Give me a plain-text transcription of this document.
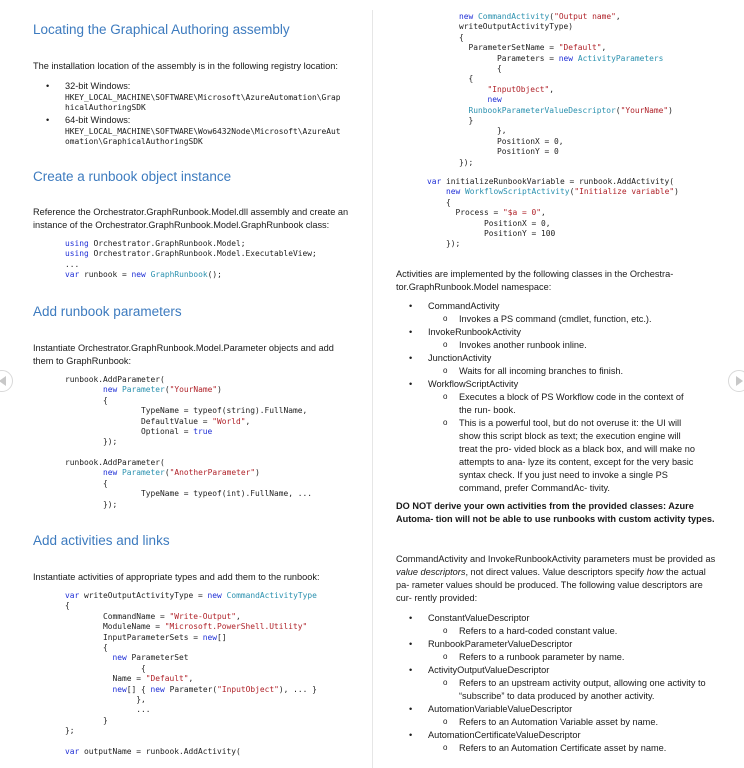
Locating the Graphical Authoring assembly
The installation location of the assembly is in the following registry location:
• 32-bit Windows:
HKEY_LOCAL_MACHINE\SOFTWARE\Microsoft\AzureAutomation\Grap
hicalAuthoringSDK
• 64-bit Windows:
HKEY_LOCAL_MACHINE\SOFTWARE\Wow6432Node\Microsoft\AzureAut
omation\GraphicalAuthoringSDK
Create a runbook object instance
Reference the Orchestrator.GraphRunbook.Model.dll assembly and create an instance of the Orchestrator.GraphRunbook.Model.GraphRunbook class:
using Orchestrator.GraphRunbook.Model;
using Orchestrator.GraphRunbook.Model.ExecutableView;
...
var runbook = new GraphRunbook();
Add runbook parameters
Instantiate Orchestrator.GraphRunbook.Model.Parameter objects and add them to GraphRunbook:
runbook.AddParameter(
new Parameter("YourName")
{
TypeName = typeof(string).FullName,
DefaultValue = "World",
Optional = true
});
runbook.AddParameter(
new Parameter("AnotherParameter")
{
TypeName = typeof(int).FullName, ...
});
Add activities and links
Instantiate activities of appropriate types and add them to the runbook:
var writeOutputActivityType = new CommandActivityType
{
CommandName = "Write-Output",
ModuleName = "Microsoft.PowerShell.Utility"
InputParameterSets = new[]
{
new ParameterSet
{
Name = "Default",
new[] { new Parameter("InputObject"), ... }
},
...
}
};

var outputName = runbook.AddActivity(
new CommandActivity("Output name",
writeOutputActivityType)
{
ParameterSetName = "Default",
Parameters = new ActivityParameters
{
{
"InputObject",
new
RunbookParameterValueDescriptor("YourName")
}
},
PositionX = 0,
PositionY = 0
});
var initializeRunbookVariable = runbook.AddActivity(
new WorkflowScriptActivity("Initialize variable")
{
Process = "$a = 0",
PositionX = 0,
PositionY = 100
});
Activities are implemented by the following classes in the Orchestra- tor.GraphRunbook.Model namespace:
• CommandActivity
o Invokes a PS command (cmdlet, function, etc.).
• InvokeRunbookActivity
o Invokes another runbook inline.
• JunctionActivity
o Waits for all incoming branches to finish.
• WorkflowScriptActivity
o Executes a block of PS Workflow code in the context of the run- book.
o This is a powerful tool, but do not overuse it: the UI will show this script block as text; the execution engine will treat the pro- vided block as a black box, and will make no attempts to ana- lyze its content, except for the very basic syntax check. If you just need to invoke a single PS command, prefer CommandAc- tivity.
DO NOT derive your own activities from the provided classes: Azure Automa- tion will not be able to use runbooks with custom activity types.
CommandActivity and InvokeRunbookActivity parameters must be provided as value descriptors, not direct values. Value descriptors specify how the actual pa- rameter values should be produced. The following value descriptors are cur- rently provided:
• ConstantValueDescriptor
o Refers to a hard-coded constant value.
• RunbookParameterValueDescriptor
o Refers to a runbook parameter by name.
• ActivityOutputValueDescriptor
o Refers to an upstream activity output, allowing one activity to “subscribe” to data produced by another activity.
• AutomationVariableValueDescriptor
o Refers to an Automation Variable asset by name.
• AutomationCertificateValueDescriptor
o Refers to an Automation Certificate asset by name.
